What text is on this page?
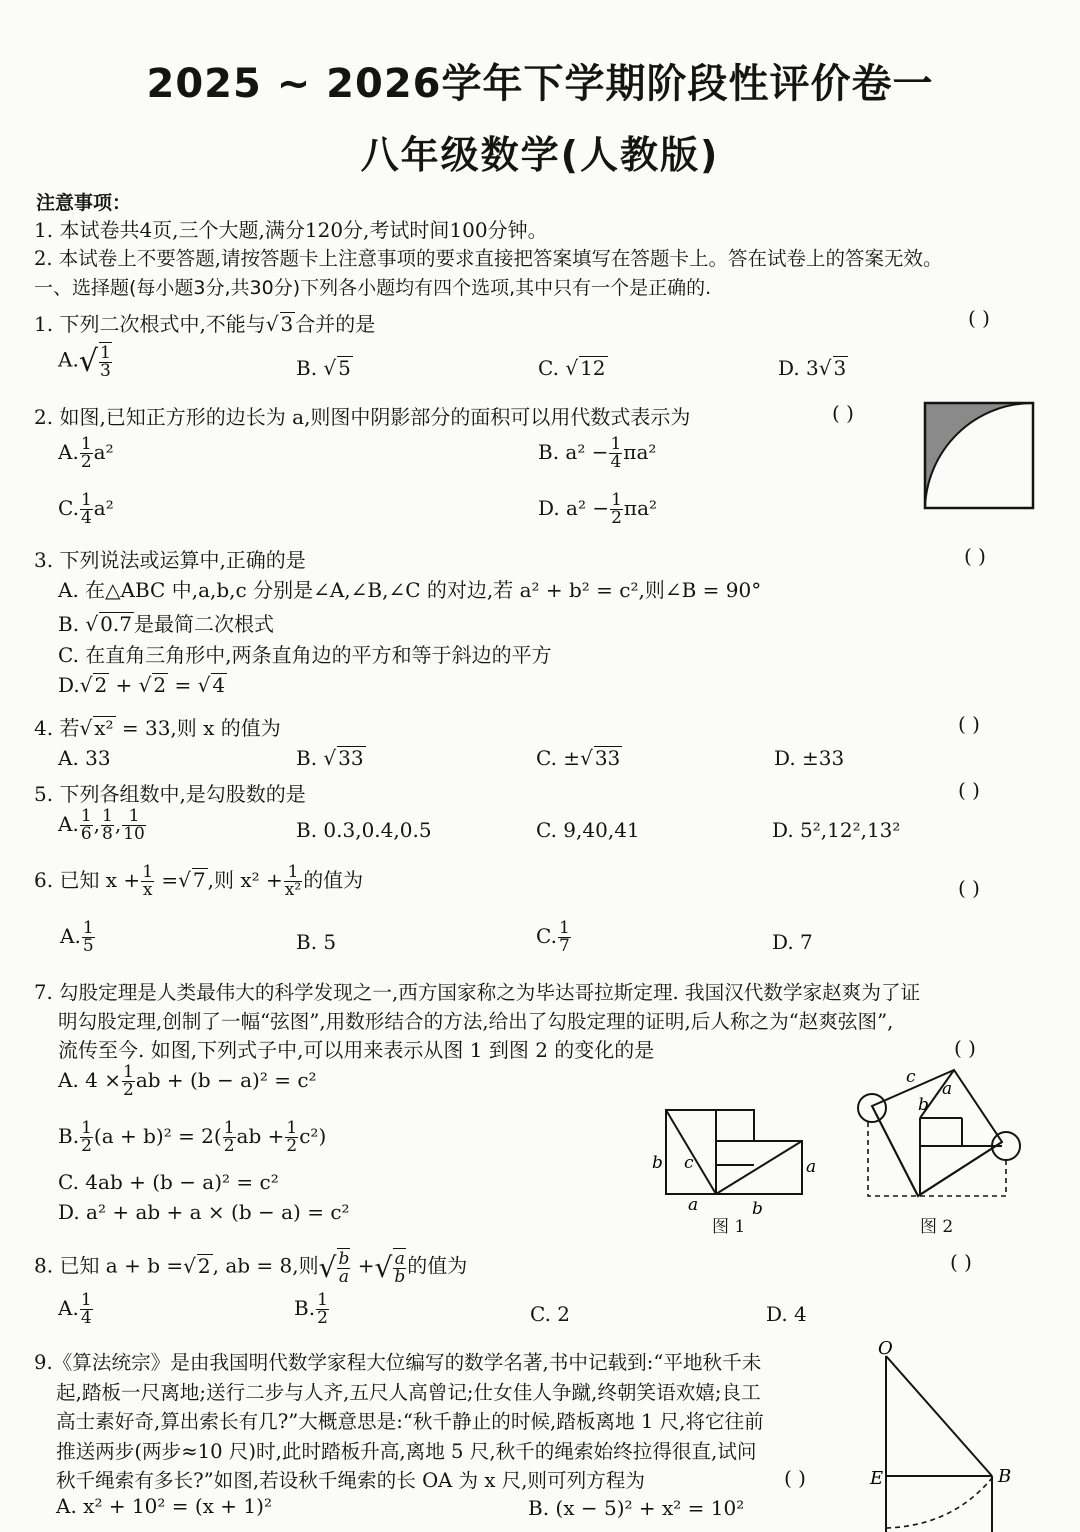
2025 ~ 2026学年下学期阶段性评价卷一
八年级数学(人教版)
注意事项：
1. 本试卷共4页,三个大题,满分120分,考试时间100分钟。
2. 本试卷上不要答题,请按答题卡上注意事项的要求直接把答案填写在答题卡上。答在试卷上的答案无效。
一、选择题(每小题3分,共30分)下列各小题均有四个选项,其中只有一个是正确的.
1. 下列二次根式中,不能与√ 3 合并的是	( )
$A.√ \frac{1}{3}$	B. √ 5	C. √ 12	D. 3√ 3
2. 如图,已知正方形的边长为 a,则图中阴影部分的面积可以用代数式表示为	( )
A. $\frac{1}{2} a^2$	B. $a^2 - \frac{1}{4} \pi a^2$
C. $\frac{1}{4} a^2$	D. $a^2 - \frac{1}{2} \pi a^2$
3. 下列说法或运算中,正确的是	( )
A. 在△ABC 中,a,b,c 分别是∠A,∠B,∠C 的对边,若 a² + b² = c²,则∠B = 90°
B. √ 0.7 是最简二次根式
C. 在直角三角形中,两条直角边的平方和等于斜边的平方
D.√ 2 + √ 2 = √ 4
4. 若√ x² = 33,则 x 的值为	( )
A. 33	B. √ 33	C. ±√ 33	D. ±33
5. 下列各组数中,是勾股数的是	( )
A. $\frac{1}{6}$ , $\frac{1}{8}$ , $\frac{1}{10}$	B. 0.3,0.4,0.5	C. 9,40,41	D. 5²,12²,13²
6. 已知 $x + \frac{1}{x}$ =√ 7 ,则 $x^2 + \frac{1}{\text{x²}}$ 的值为	( )
A. $\frac{1}{5}$	B. 5	C. $\frac{1}{7}$	D. 7
7. 勾股定理是人类最伟大的科学发现之一,西方国家称之为毕达哥拉斯定理. 我国汉代数学家赵爽为了证
明勾股定理,创制了一幅“弦图”,用数形结合的方法,给出了勾股定理的证明,后人称之为“赵爽弦图”,
流传至今. 如图,下列式子中,可以用来表示从图 1 到图 2 的变化的是	( )
A. $4 \times \frac{1}{2}$ ab + (b − a)² = c²
B. $\frac{1}{2} (a + b)^2 = 2( \frac{1}{2}$ ab + $\frac{1}{2} c^2$)
C. 4ab + (b − a)² = c²
D. a² + ab + a × (b − a) = c²
b c	a
a	b
图 1
c
a
b
图 2
8. 已知 a + b =√ 2 , ab = 8,则√ $\frac{b}{a}$ +√ $\frac{a}{b}$ 的值为	( )
A. $\frac{1}{4}$	B. $\frac{1}{2}$	C. 2	D. 4
9.《算法统宗》是由我国明代数学家程大位编写的数学名著,书中记载到:“平地秋千未
起,踏板一尺离地;送行二步与人齐,五尺人高曾记;仕女佳人争蹴,终朝笑语欢嬉;良工
高士素好奇,算出索长有几?”大概意思是:“秋千静止的时候,踏板离地 1 尺,将它往前
推送两步(两步≈10 尺)时,此时踏板升高,离地 5 尺,秋千的绳索始终拉得很直,试问
秋千绳索有多长?”如图,若设秋千绳索的长 OA 为 x 尺,则可列方程为	( )
A. x² + 10² = (x + 1)²	B. (x − 5)² + x² = 10²
O
E	B
